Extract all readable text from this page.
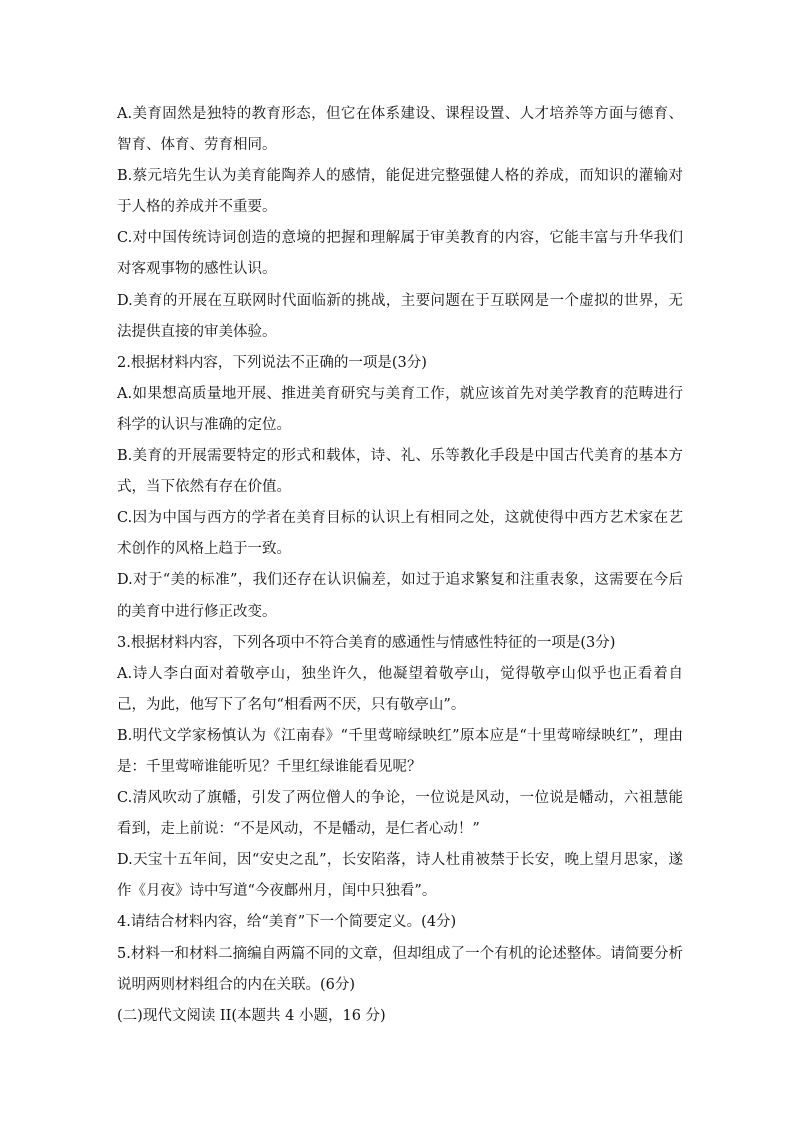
A.美育固然是独特的教育形态，但它在体系建设、课程设置、人才培养等方面与德育、智育、体育、劳育相同。

B.蔡元培先生认为美育能陶养人的感情，能促进完整强健人格的养成，而知识的灌输对于人格的养成并不重要。

C.对中国传统诗词创造的意境的把握和理解属于审美教育的内容，它能丰富与升华我们对客观事物的感性认识。

D.美育的开展在互联网时代面临新的挑战，主要问题在于互联网是一个虚拟的世界，无法提供直接的审美体验。

2.根据材料内容，下列说法不正确的一项是(3分)

A.如果想高质量地开展、推进美育研究与美育工作，就应该首先对美学教育的范畴进行科学的认识与准确的定位。

B.美育的开展需要特定的形式和载体，诗、礼、乐等教化手段是中国古代美育的基本方式，当下依然有存在价值。

C.因为中国与西方的学者在美育目标的认识上有相同之处，这就使得中西方艺术家在艺术创作的风格上趋于一致。

D.对于“美的标准”，我们还存在认识偏差，如过于追求繁复和注重表象，这需要在今后的美育中进行修正改变。

3.根据材料内容，下列各项中不符合美育的感通性与情感性特征的一项是(3分)

A.诗人李白面对着敬亭山，独坐许久，他凝望着敬亭山，觉得敬亭山似乎也正看着自己，为此，他写下了名句“相看两不厌，只有敬亭山”。

B.明代文学家杨慎认为《江南春》“千里莺啼绿映红”原本应是“十里莺啼绿映红”，理由是：千里莺啼谁能听见？千里红绿谁能看见呢？

C.清风吹动了旗幡，引发了两位僧人的争论，一位说是风动，一位说是幡动，六祖慧能看到，走上前说：“不是风动，不是幡动，是仁者心动！”

D.天宝十五年间，因“安史之乱”，长安陷落，诗人杜甫被禁于长安，晚上望月思家，遂作《月夜》诗中写道“今夜鄜州月，闺中只独看”。

4.请结合材料内容，给“美育”下一个简要定义。(4分)

5.材料一和材料二摘编自两篇不同的文章，但却组成了一个有机的论述整体。请简要分析说明两则材料组合的内在关联。(6分)

(二)现代文阅读 II(本题共 4 小题，16 分)
